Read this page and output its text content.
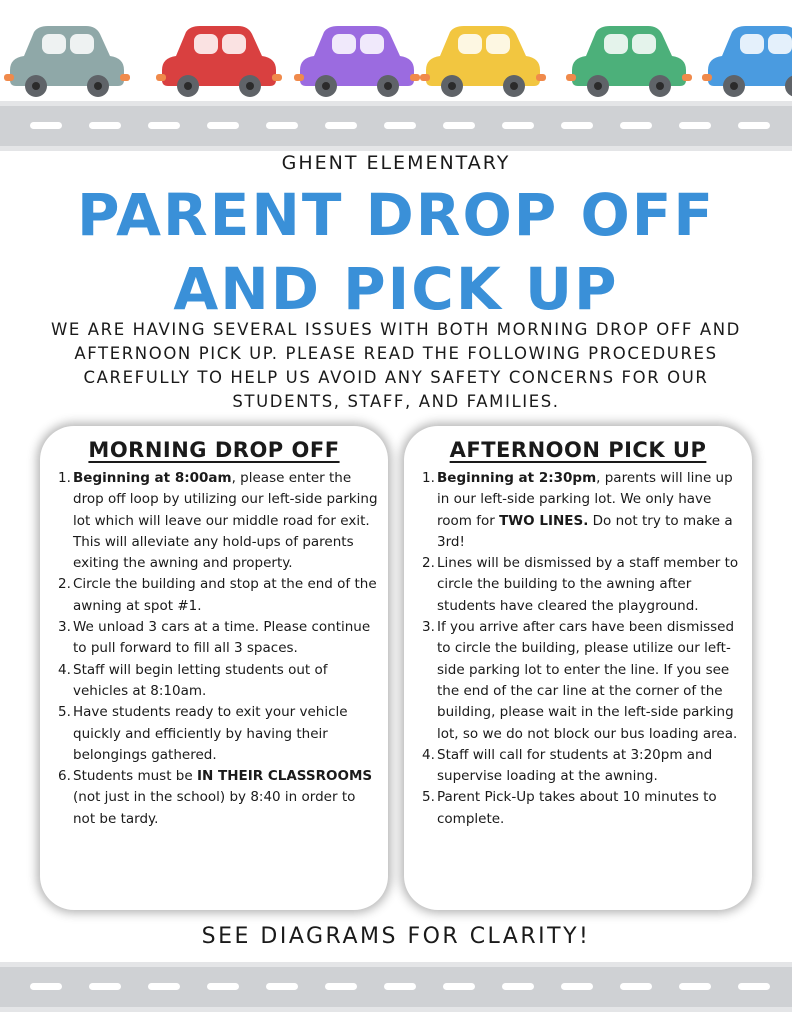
GHENT ELEMENTARY
PARENT DROP OFF
AND PICK UP
WE ARE HAVING SEVERAL ISSUES WITH BOTH MORNING DROP OFF AND AFTERNOON PICK UP. PLEASE READ THE FOLLOWING PROCEDURES CAREFULLY TO HELP US AVOID ANY SAFETY CONCERNS FOR OUR STUDENTS, STAFF, AND FAMILIES.
MORNING DROP OFF
1. Beginning at 8:00am, please enter the drop off loop by utilizing our left-side parking lot which will leave our middle road for exit. This will alleviate any hold-ups of parents exiting the awning and property.
2. Circle the building and stop at the end of the awning at spot #1.
3. We unload 3 cars at a time. Please continue to pull forward to fill all 3 spaces.
4. Staff will begin letting students out of vehicles at 8:10am.
5. Have students ready to exit your vehicle quickly and efficiently by having their belongings gathered.
6. Students must be IN THEIR CLASSROOMS (not just in the school) by 8:40 in order to not be tardy.
AFTERNOON PICK UP
1. Beginning at 2:30pm, parents will line up in our left-side parking lot. We only have room for TWO LINES. Do not try to make a 3rd!
2. Lines will be dismissed by a staff member to circle the building to the awning after students have cleared the playground.
3. If you arrive after cars have been dismissed to circle the building, please utilize our left-side parking lot to enter the line. If you see the end of the car line at the corner of the building, please wait in the left-side parking lot, so we do not block our bus loading area.
4. Staff will call for students at 3:20pm and supervise loading at the awning.
5. Parent Pick-Up takes about 10 minutes to complete.
SEE DIAGRAMS FOR CLARITY!
